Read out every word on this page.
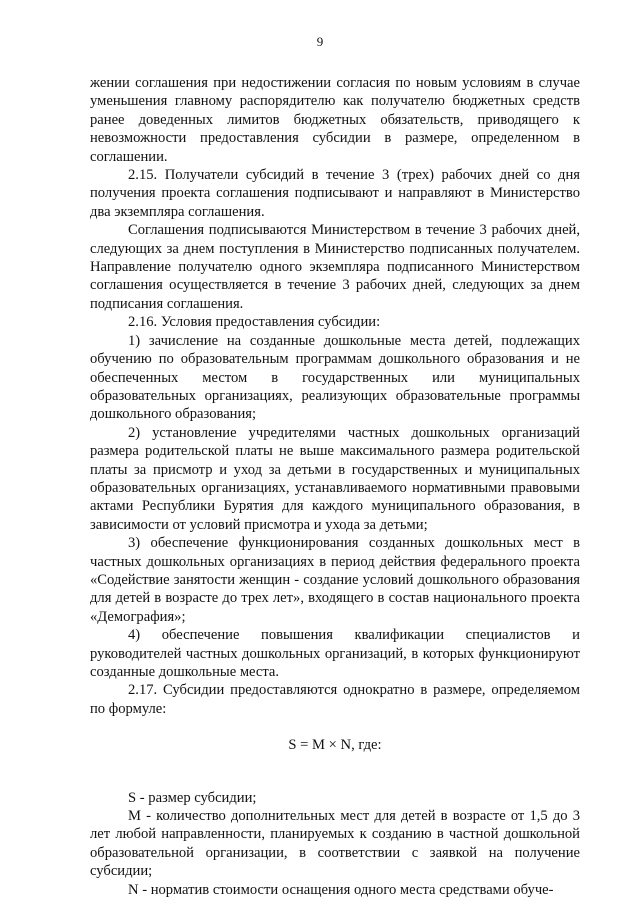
9

жении соглашения при недостижении согласия по новым условиям в случае уменьшения главному распорядителю как получателю бюджетных средств ранее доведенных лимитов бюджетных обязательств, приводящего к невозможности предоставления субсидии в размере, определенном в соглашении.

2.15. Получатели субсидий в течение 3 (трех) рабочих дней со дня получения проекта соглашения подписывают и направляют в Министерство два экземпляра соглашения.

Соглашения подписываются Министерством в течение 3 рабочих дней, следующих за днем поступления в Министерство подписанных получателем. Направление получателю одного экземпляра подписанного Министерством соглашения осуществляется в течение 3 рабочих дней, следующих за днем подписания соглашения.

2.16. Условия предоставления субсидии:

1) зачисление на созданные дошкольные места детей, подлежащих обучению по образовательным программам дошкольного образования и не обеспеченных местом в государственных или муниципальных образовательных организациях, реализующих образовательные программы дошкольного образования;

2) установление учредителями частных дошкольных организаций размера родительской платы не выше максимального размера родительской платы за присмотр и уход за детьми в государственных и муниципальных образовательных организациях, устанавливаемого нормативными правовыми актами Республики Бурятия для каждого муниципального образования, в зависимости от условий присмотра и ухода за детьми;

3) обеспечение функционирования созданных дошкольных мест в частных дошкольных организациях в период действия федерального проекта «Содействие занятости женщин - создание условий дошкольного образования для детей в возрасте до трех лет», входящего в состав национального проекта «Демография»;

4) обеспечение повышения квалификации специалистов и руководителей частных дошкольных организаций, в которых функционируют созданные дошкольные места.

2.17. Субсидии предоставляются однократно в размере, определяемом по формуле:

S = M × N, где:

S - размер субсидии;

M - количество дополнительных мест для детей в возрасте от 1,5 до 3 лет любой направленности, планируемых к созданию в частной дошкольной образовательной организации, в соответствии с заявкой на получение субсидии;

N - норматив стоимости оснащения одного места средствами обуче-
